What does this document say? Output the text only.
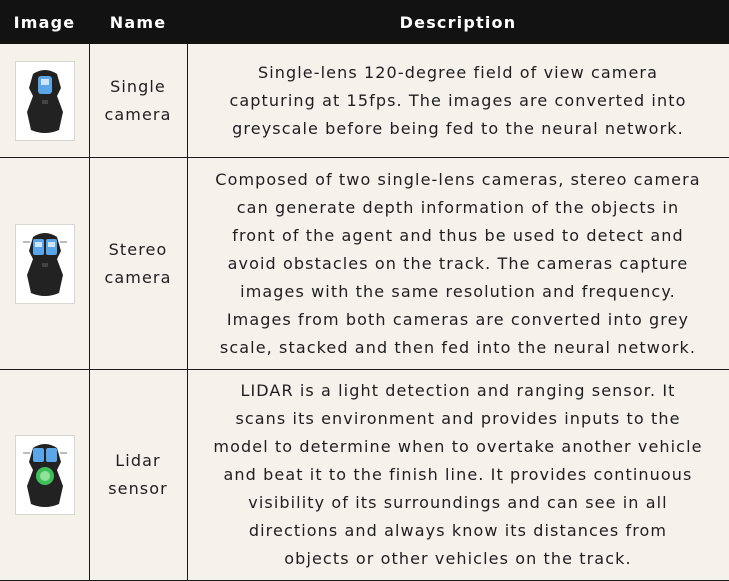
Image	Name	Description
Single
camera
Single-lens 120-degree field of view camera
capturing at 15fps. The images are converted into
greyscale before being fed to the neural network.
Stereo
camera
Composed of two single-lens cameras, stereo camera
can generate depth information of the objects in
front of the agent and thus be used to detect and
avoid obstacles on the track. The cameras capture
images with the same resolution and frequency.
Images from both cameras are converted into grey
scale, stacked and then fed into the neural network.
Lidar
sensor
LIDAR is a light detection and ranging sensor. It
scans its environment and provides inputs to the
model to determine when to overtake another vehicle
and beat it to the finish line. It provides continuous
visibility of its surroundings and can see in all
directions and always know its distances from
objects or other vehicles on the track.
